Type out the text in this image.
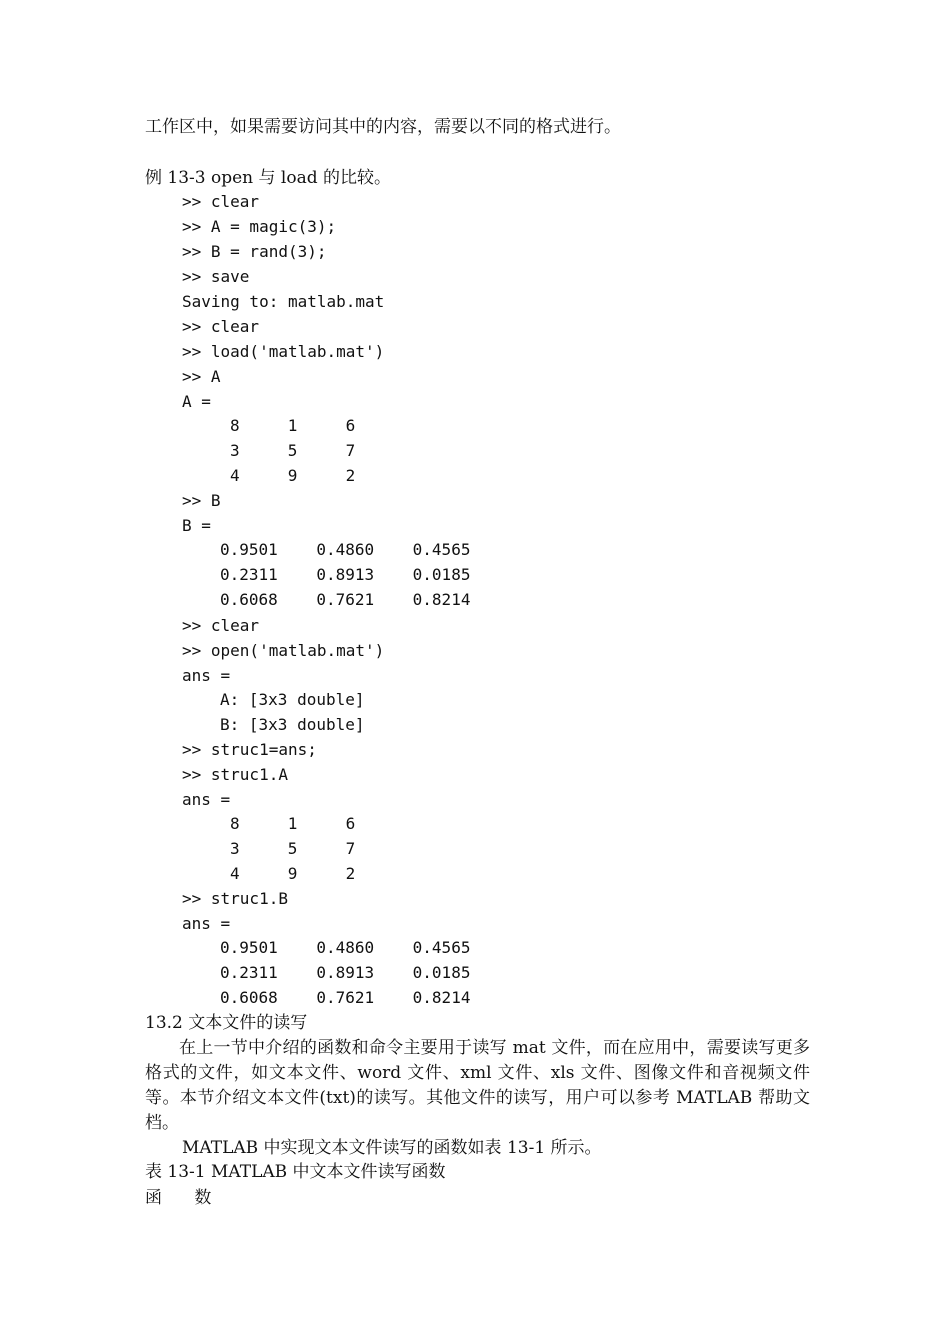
工作区中，如果需要访问其中的内容，需要以不同的格式进行。
例 13-3 open 与 load 的比较。
>> clear
>> A = magic(3);
>> B = rand(3);
>> save
Saving to: matlab.mat
>> clear
>> load('matlab.mat')
>> A
A =
8     1     6
3     5     7
4     9     2
>> B
B =
0.9501    0.4860    0.4565
0.2311    0.8913    0.0185
0.6068    0.7621    0.8214
>> clear
>> open('matlab.mat')
ans =
A: [3x3 double]
B: [3x3 double]
>> struc1=ans;
>> struc1.A
ans =
8     1     6
3     5     7
4     9     2
>> struc1.B
ans =
0.9501    0.4860    0.4565
0.2311    0.8913    0.0185
0.6068    0.7621    0.8214
13.2 文本文件的读写
在上一节中介绍的函数和命令主要用于读写 mat 文件，而在应用中，需要读写更多格式的文件，如文本文件、word 文件、xml 文件、xls 文件、图像文件和音视频文件等。本节介绍文本文件(txt)的读写。其他文件的读写，用户可以参考 MATLAB 帮助文档。
MATLAB 中实现文本文件读写的函数如表 13-1 所示。
表 13-1 MATLAB 中文本文件读写函数
函      数
